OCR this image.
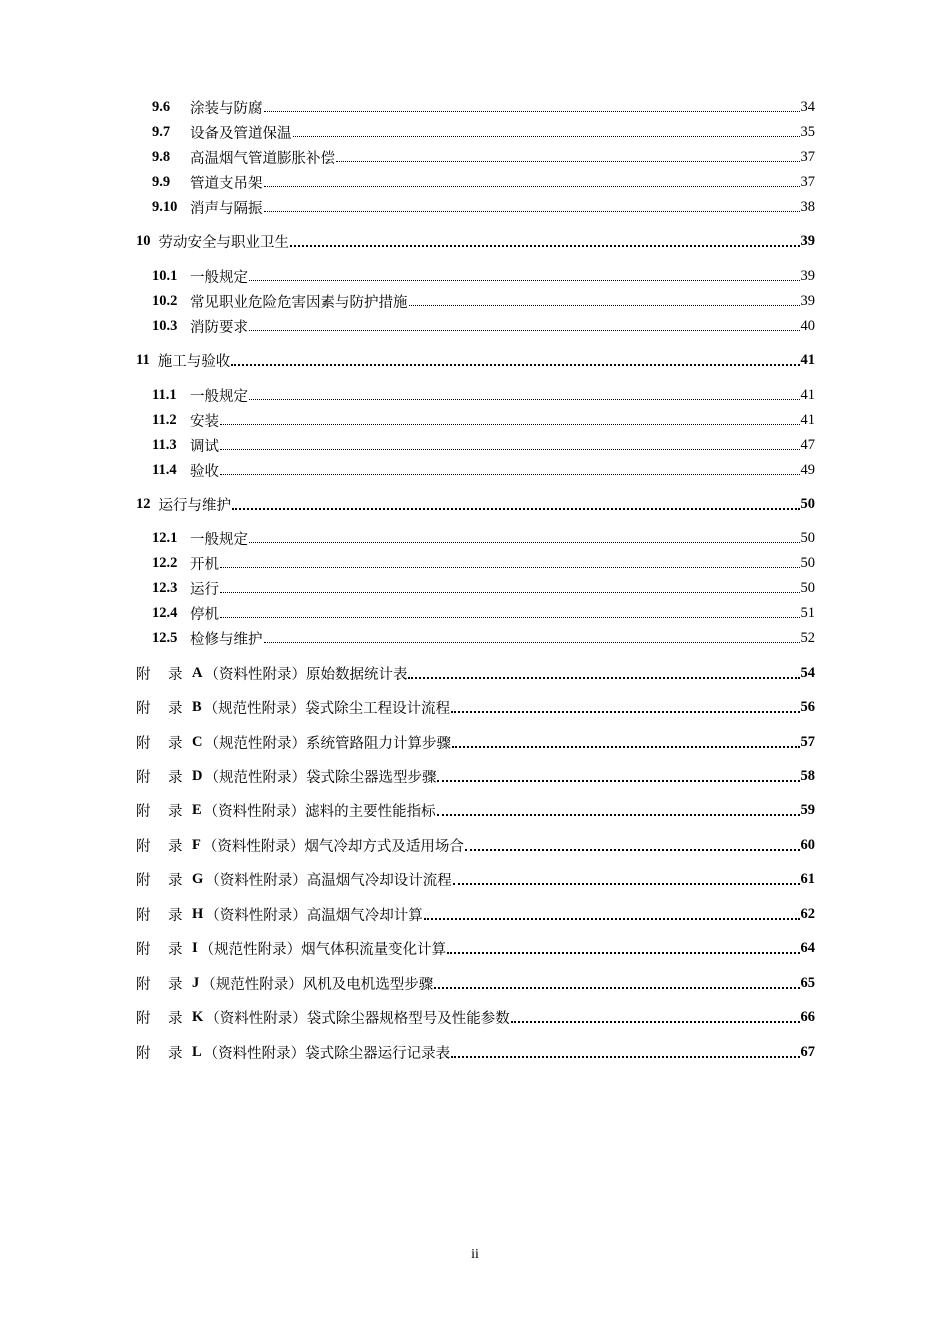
9.6	涂装与防腐	34
9.7	设备及管道保温	35
9.8	高温烟气管道膨胀补偿	37
9.9	管道支吊架	37
9.10 消声与隔振	38
10 劳动安全与职业卫生	39
10.1 一般规定	39
10.2 常见职业危险危害因素与防护措施	39
10.3 消防要求	40
11 施工与验收	41
11.1 一般规定	41
11.2 安装	41
11.3 调试	47
11.4 验收	49
12 运行与维护	50
12.1 一般规定	50
12.2 开机	50
12.3 运行	50
12.4 停机	51
12.5 检修与维护	52
附	录 A （资料性附录）原始数据统计表	54
附	录 B （规范性附录）袋式除尘工程设计流程	56
附	录 C （规范性附录）系统管路阻力计算步骤	57
附	录 D （规范性附录）袋式除尘器选型步骤	58
附	录 E （资料性附录）滤料的主要性能指标	59
附	录 F （资料性附录）烟气冷却方式及适用场合	60
附	录 G （资料性附录）高温烟气冷却设计流程	61
附	录 H （资料性附录）高温烟气冷却计算	62
附	录 I （规范性附录）烟气体积流量变化计算	64
附	录 J （规范性附录）风机及电机选型步骤	65
附	录 K （资料性附录）袋式除尘器规格型号及性能参数	66
附	录 L （资料性附录）袋式除尘器运行记录表	67
ii
